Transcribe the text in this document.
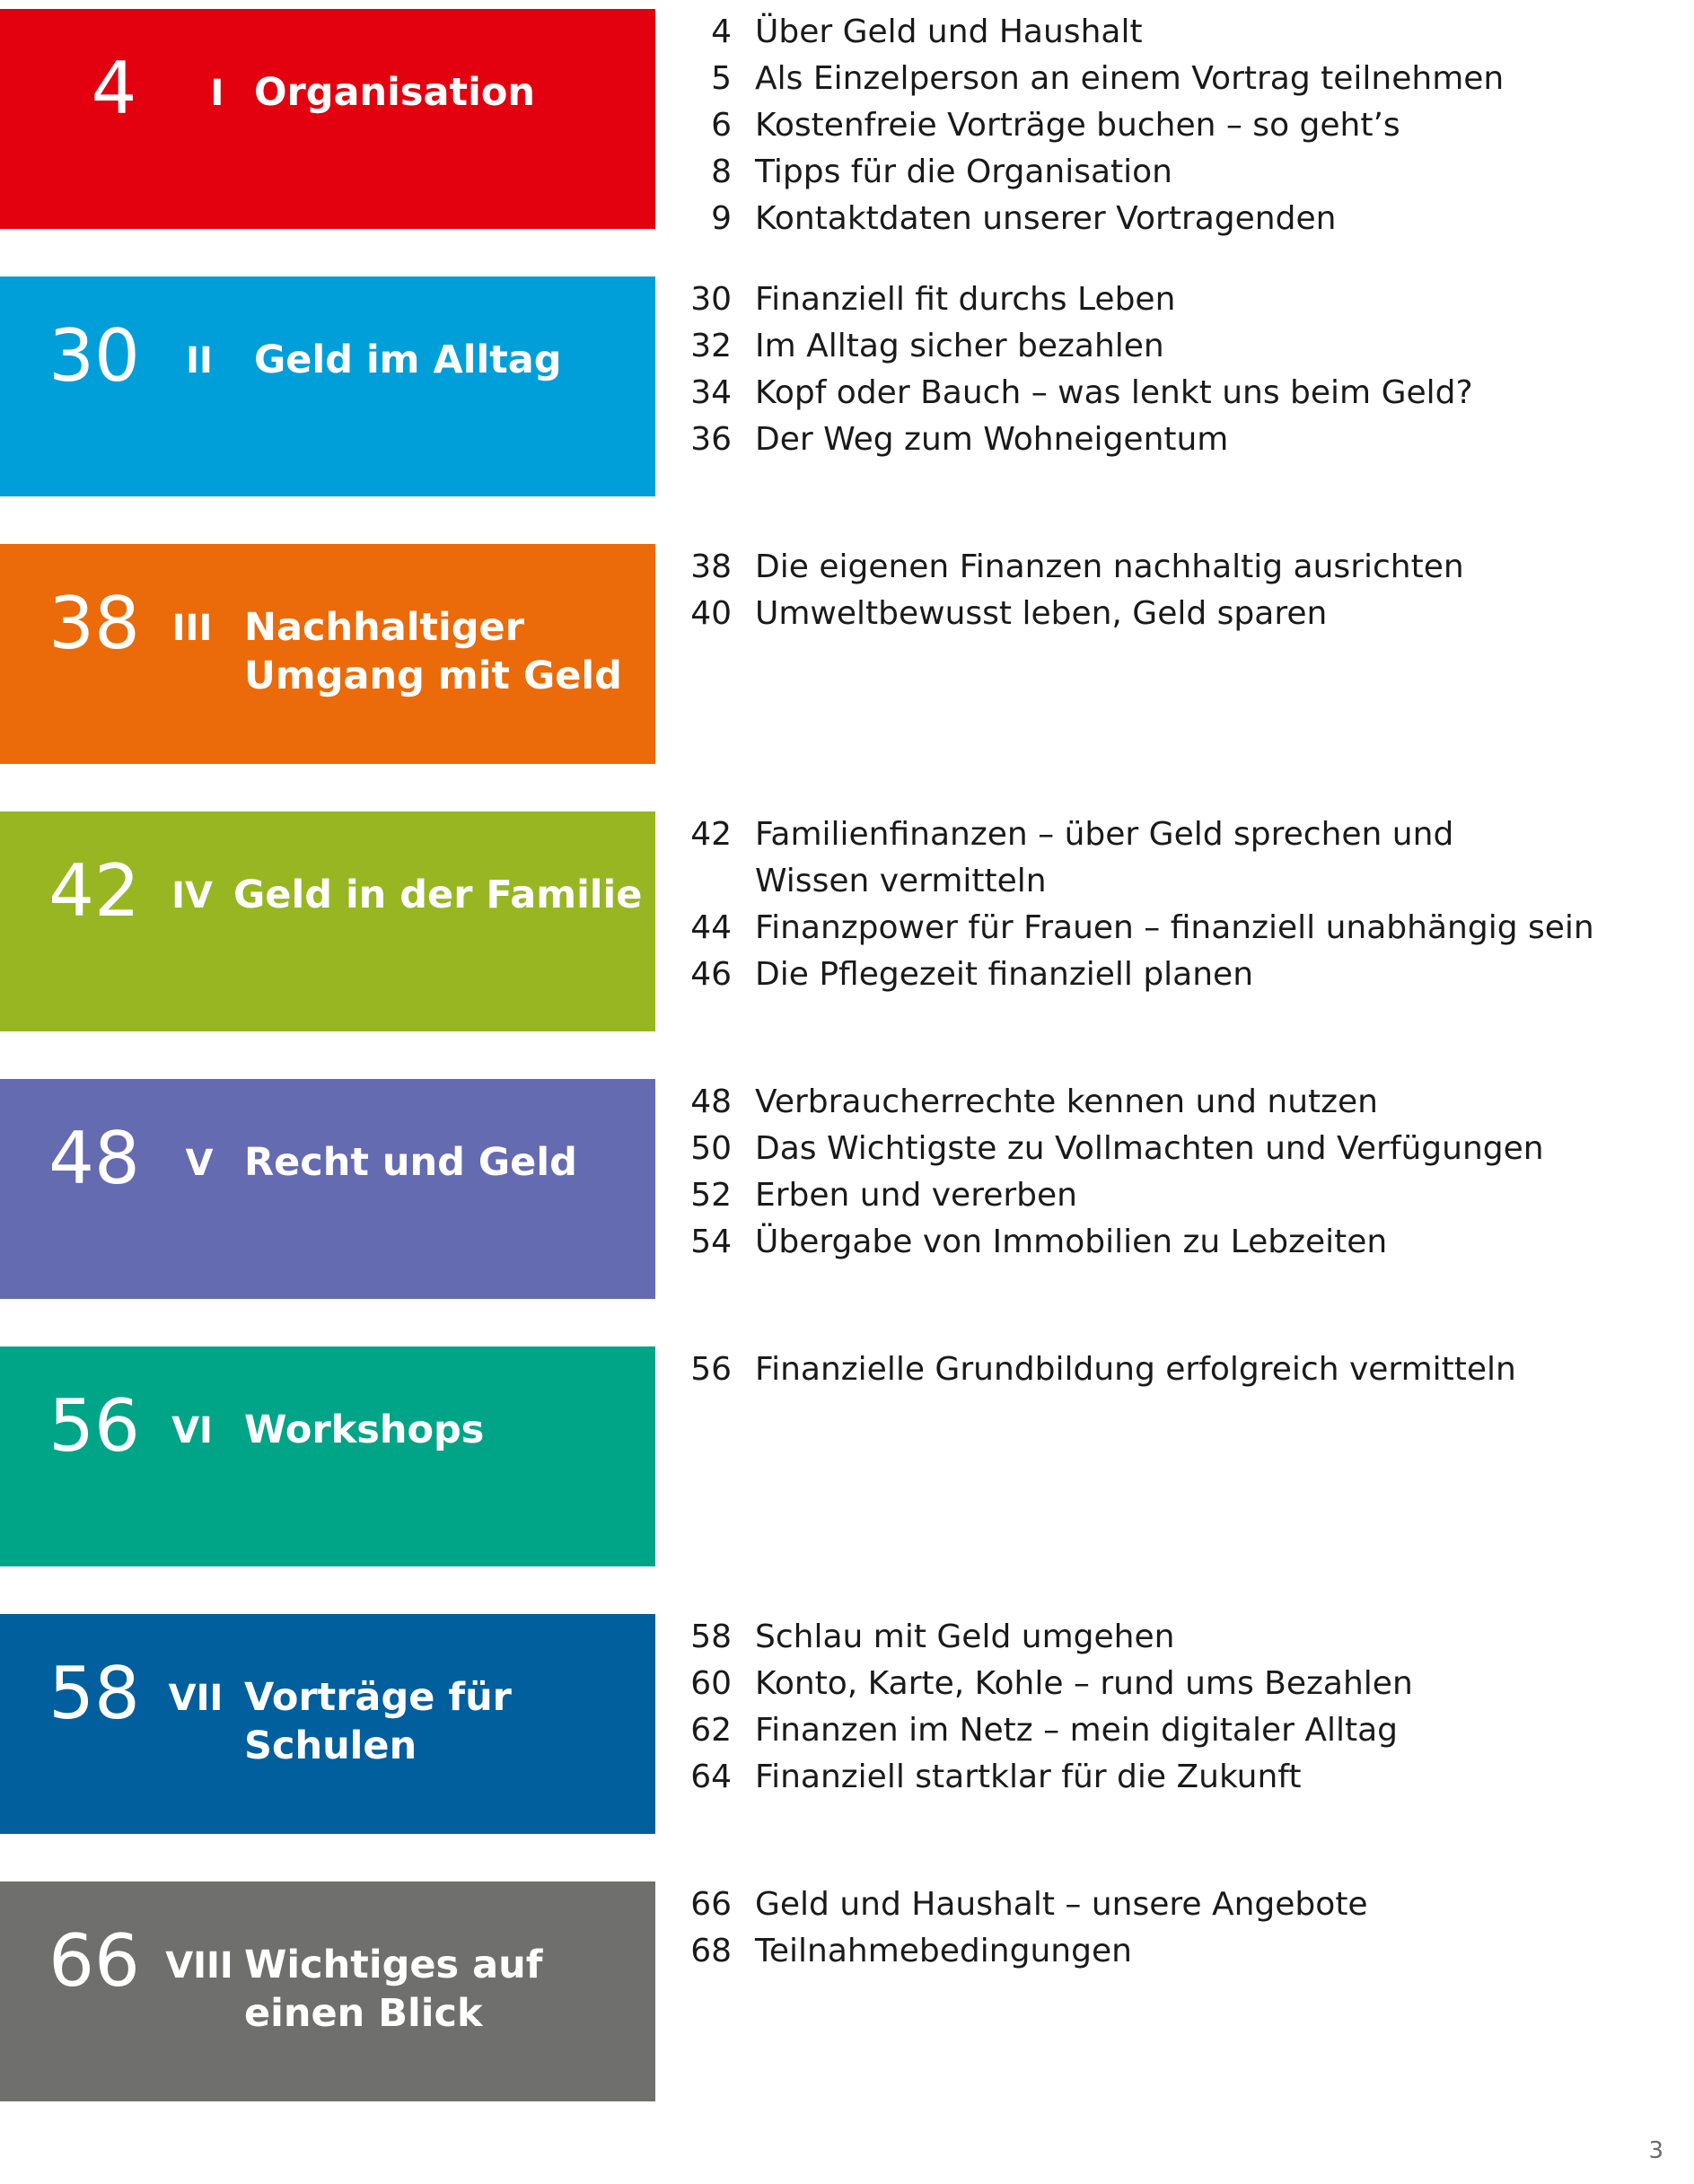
4	I Organisation
4 Über Geld und Haushalt
5 Als Einzelperson an einem Vortrag teilnehmen
6 Kostenfreie Vorträge buchen – so geht’s
8 Tipps für die Organisation
9 Kontaktdaten unserer Vortragenden
30	II	Geld im Alltag
30 Finanziell fit durchs Leben
32 Im Alltag sicher bezahlen
34 Kopf oder Bauch – was lenkt uns beim Geld?
36 Der Weg zum Wohneigentum
38 III Nachhaltiger
Umgang mit Geld
38 Die eigenen Finanzen nachhaltig ausrichten
40 Umweltbewusst leben, Geld sparen
42 IV Geld in der Familie
42 Familienfinanzen – über Geld sprechen und
Wissen vermitteln
44 Finanzpower für Frauen – finanziell unabhängig sein
46 Die Pflegezeit finanziell planen
48	V Recht und Geld
48 Verbraucherrechte kennen und nutzen
50 Das Wichtigste zu Vollmachten und Verfügungen
52 Erben und vererben
54 Übergabe von Immobilien zu Lebzeiten
56 VI Workshops
56 Finanzielle Grundbildung erfolgreich vermitteln
58 VII Vorträge für
Schulen
58 Schlau mit Geld umgehen
60 Konto, Karte, Kohle – rund ums Bezahlen
62 Finanzen im Netz – mein digitaler Alltag
64 Finanziell startklar für die Zukunft
66 VIII Wichtiges auf
einen Blick
66 Geld und Haushalt – unsere Angebote
68 Teilnahmebedingungen
3
